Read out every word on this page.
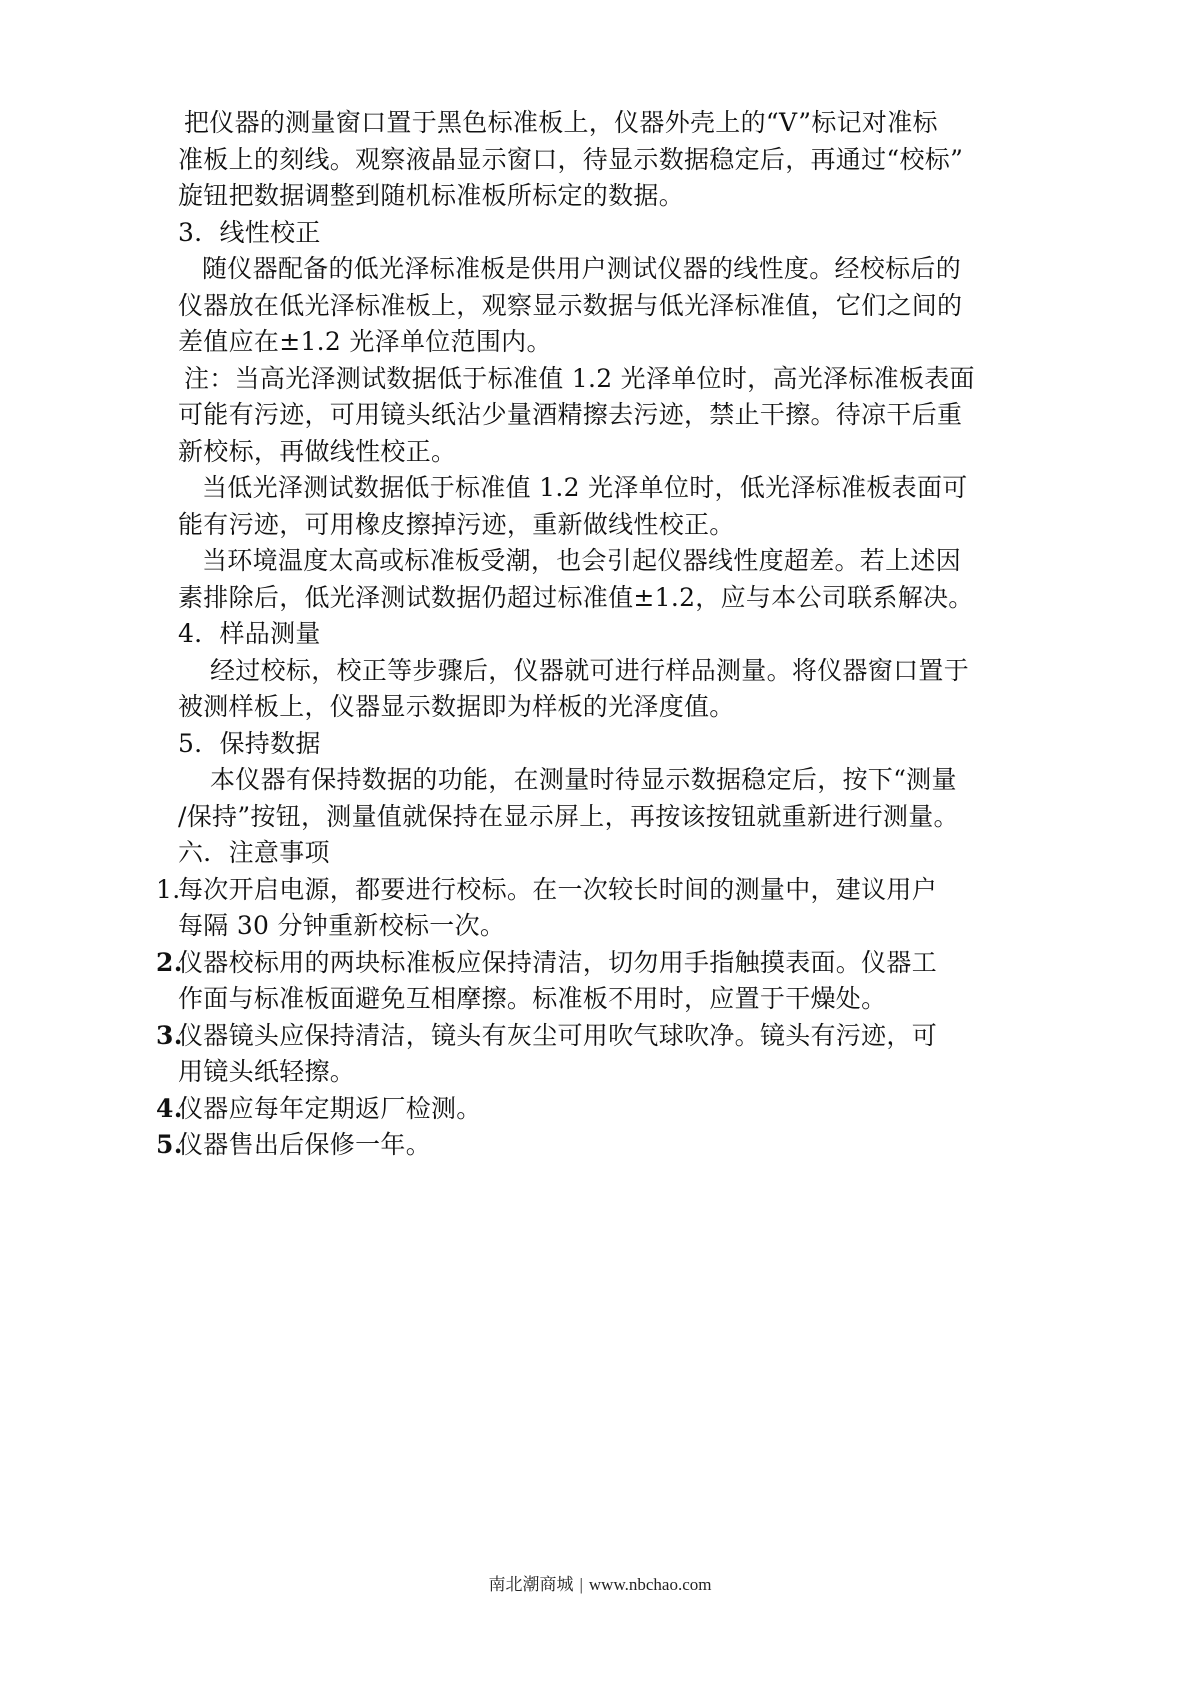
把仪器的测量窗口置于黑色标准板上，仪器外壳上的“V”标记对准标
准板上的刻线。观察液晶显示窗口，待显示数据稳定后，再通过“校标”
旋钮把数据调整到随机标准板所标定的数据。
3．线性校正
随仪器配备的低光泽标准板是供用户测试仪器的线性度。经校标后的
仪器放在低光泽标准板上，观察显示数据与低光泽标准值，它们之间的
差值应在±1.2 光泽单位范围内。
注：当高光泽测试数据低于标准值 1.2 光泽单位时，高光泽标准板表面
可能有污迹，可用镜头纸沾少量酒精擦去污迹，禁止干擦。待凉干后重
新校标，再做线性校正。
当低光泽测试数据低于标准值 1.2 光泽单位时，低光泽标准板表面可
能有污迹，可用橡皮擦掉污迹，重新做线性校正。
当环境温度太高或标准板受潮，也会引起仪器线性度超差。若上述因
素排除后，低光泽测试数据仍超过标准值±1.2，应与本公司联系解决。
4．样品测量
经过校标，校正等步骤后，仪器就可进行样品测量。将仪器窗口置于
被测样板上，仪器显示数据即为样板的光泽度值。
5．保持数据
本仪器有保持数据的功能，在测量时待显示数据稳定后，按下“测量
/保持”按钮，测量值就保持在显示屏上，再按该按钮就重新进行测量。
六．注意事项
1.每次开启电源，都要进行校标。在一次较长时间的测量中，建议用户
每隔 30 分钟重新校标一次。
2.仪器校标用的两块标准板应保持清洁，切勿用手指触摸表面。仪器工
作面与标准板面避免互相摩擦。标准板不用时，应置于干燥处。
3.仪器镜头应保持清洁，镜头有灰尘可用吹气球吹净。镜头有污迹，可
用镜头纸轻擦。
4.仪器应每年定期返厂检测。
5.仪器售出后保修一年。
南北潮商城 | www.nbchao.com
